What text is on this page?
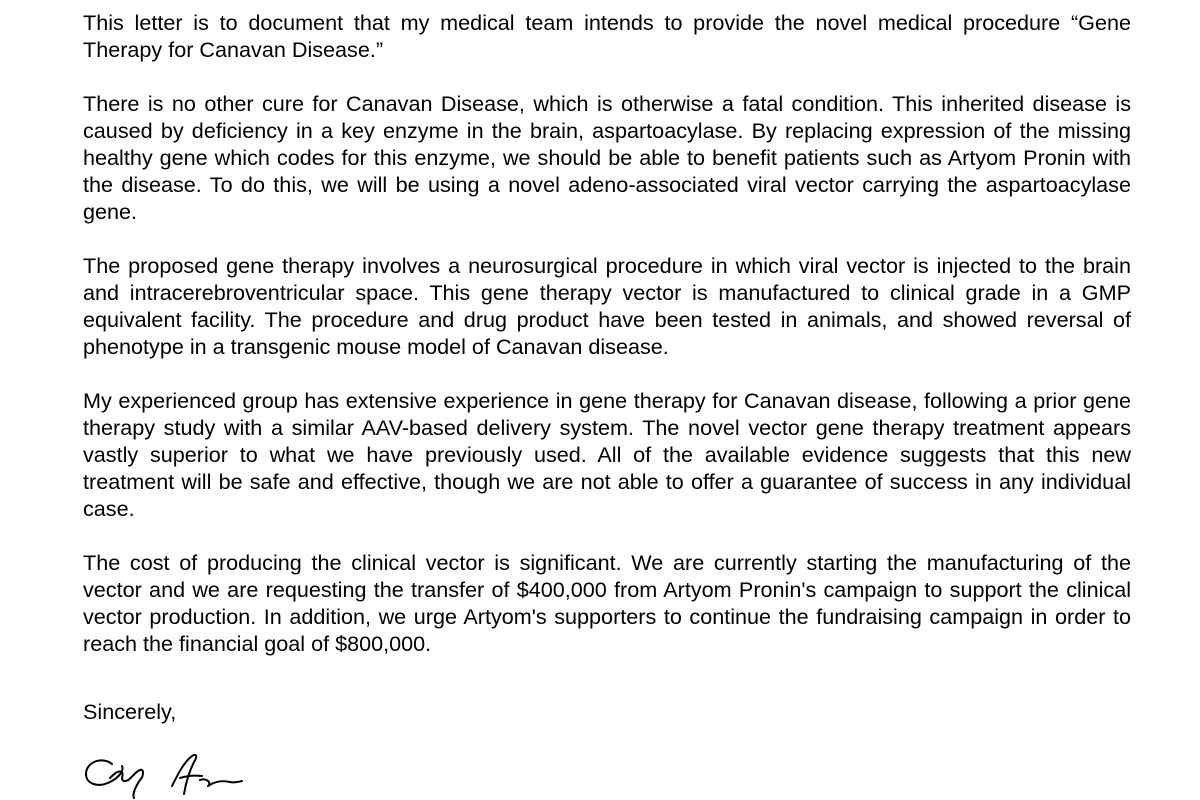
This letter is to document that my medical team intends to provide the novel medical procedure “Gene Therapy for Canavan Disease.”

There is no other cure for Canavan Disease, which is otherwise a fatal condition. This inherited disease is caused by deficiency in a key enzyme in the brain, aspartoacylase. By replacing expression of the missing healthy gene which codes for this enzyme, we should be able to benefit patients such as Artyom Pronin with the disease. To do this, we will be using a novel adeno-associated viral vector carrying the aspartoacylase gene.

The proposed gene therapy involves a neurosurgical procedure in which viral vector is injected to the brain and intracerebroventricular space. This gene therapy vector is manufactured to clinical grade in a GMP equivalent facility. The procedure and drug product have been tested in animals, and showed reversal of phenotype in a transgenic mouse model of Canavan disease.

My experienced group has extensive experience in gene therapy for Canavan disease, following a prior gene therapy study with a similar AAV-based delivery system. The novel vector gene therapy treatment appears vastly superior to what we have previously used. All of the available evidence suggests that this new treatment will be safe and effective, though we are not able to offer a guarantee of success in any individual case.

The cost of producing the clinical vector is significant. We are currently starting the manufacturing of the vector and we are requesting the transfer of $400,000 from Artyom Pronin's campaign to support the clinical vector production. In addition, we urge Artyom's supporters to continue the fundraising campaign in order to reach the financial goal of $800,000.

Sincerely,
